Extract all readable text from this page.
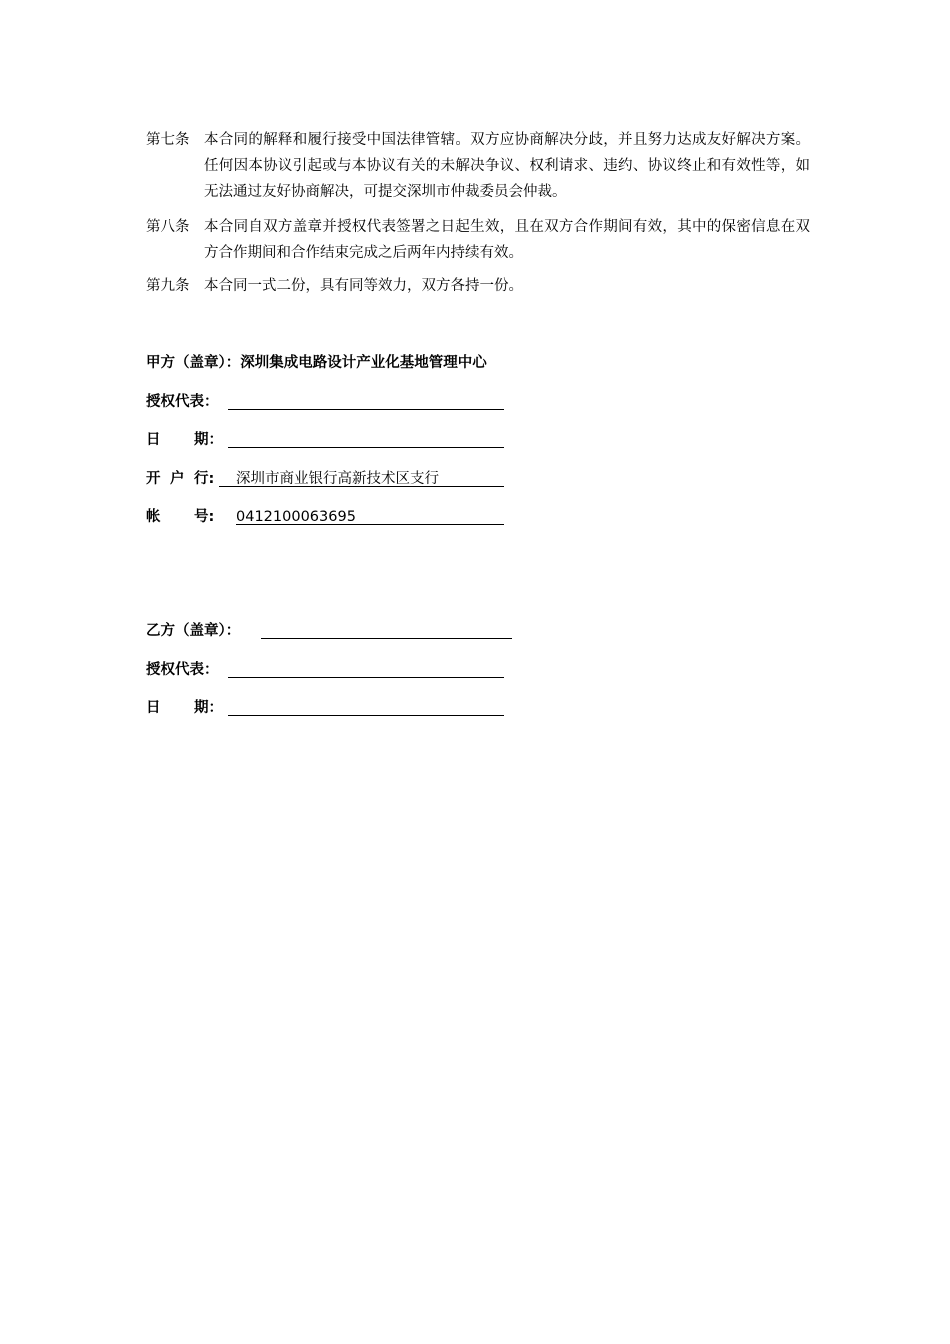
第七条	本合同的解释和履行接受中国法律管辖。双方应协商解决分歧，并且努力达成友好解决方案。任何因本协议引起或与本协议有关的未解决争议、权利请求、违约、协议终止和有效性等，如无法通过友好协商解决，可提交深圳市仲裁委员会仲裁。
第八条	本合同自双方盖章并授权代表签署之日起生效，且在双方合作期间有效，其中的保密信息在双方合作期间和合作结束完成之后两年内持续有效。
第九条	本合同一式二份，具有同等效力，双方各持一份。
甲方（盖章）：深圳集成电路设计产业化基地管理中心
授权代表：
日 期：
开 户 行: 深圳市商业银行高新技术区支行
帐 号: 0412100063695
乙方（盖章）：
授权代表：
日 期：
